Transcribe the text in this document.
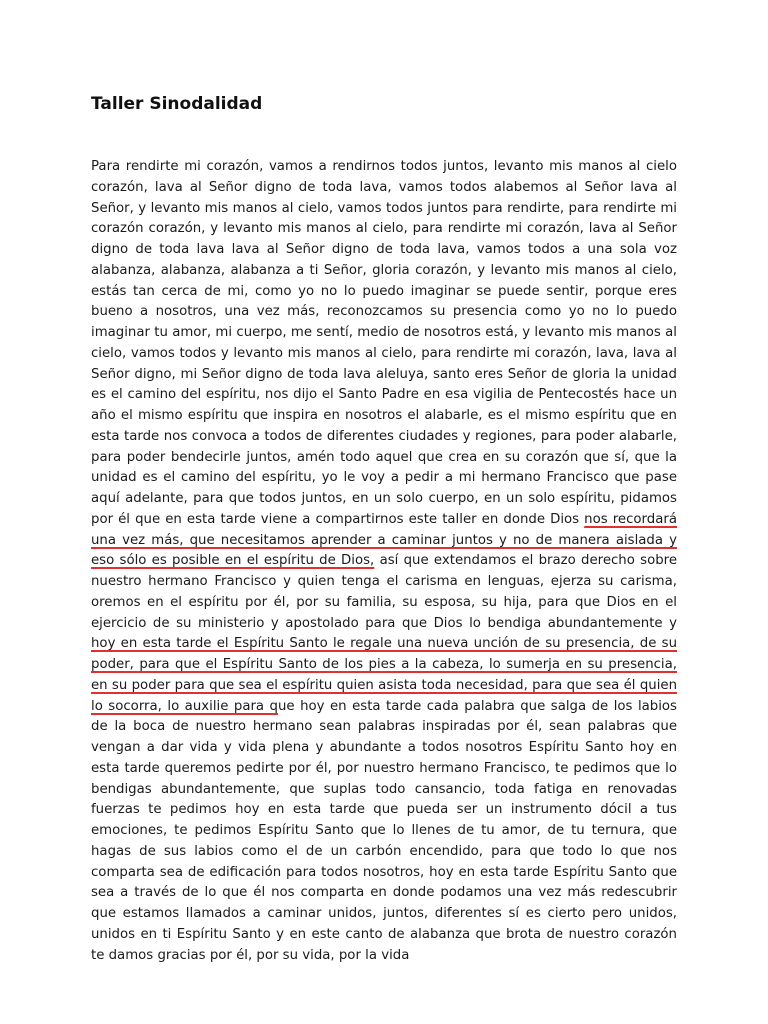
Taller Sinodalidad

Para rendirte mi corazón, vamos a rendirnos todos juntos, levanto mis manos al cielo corazón, lava al Señor digno de toda lava, vamos todos alabemos al Señor lava al Señor, y levanto mis manos al cielo, vamos todos juntos para rendirte, para rendirte mi corazón corazón, y levanto mis manos al cielo, para rendirte mi corazón, lava al Señor digno de toda lava lava al Señor digno de toda lava, vamos todos a una sola voz alabanza, alabanza, alabanza a ti Señor, gloria corazón, y levanto mis manos al cielo, estás tan cerca de mi, como yo no lo puedo imaginar se puede sentir, porque eres bueno a nosotros, una vez más, reconozcamos su presencia como yo no lo puedo imaginar tu amor, mi cuerpo, me sentí, medio de nosotros está, y levanto mis manos al cielo, vamos todos y levanto mis manos al cielo, para rendirte mi corazón, lava, lava al Señor digno, mi Señor digno de toda lava aleluya, santo eres Señor de gloria la unidad es el camino del espíritu, nos dijo el Santo Padre en esa vigilia de Pentecostés hace un año el mismo espíritu que inspira en nosotros el alabarle, es el mismo espíritu que en esta tarde nos convoca a todos de diferentes ciudades y regiones, para poder alabarle, para poder bendecirle juntos, amén todo aquel que crea en su corazón que sí, que la unidad es el camino del espíritu, yo le voy a pedir a mi hermano Francisco que pase aquí adelante, para que todos juntos, en un solo cuerpo, en un solo espíritu, pidamos por él que en esta tarde viene a compartirnos este taller en donde Dios nos recordará una vez más, que necesitamos aprender a caminar juntos y no de manera aislada y eso sólo es posible en el espíritu de Dios, así que extendamos el brazo derecho sobre nuestro hermano Francisco y quien tenga el carisma en lenguas, ejerza su carisma, oremos en el espíritu por él, por su familia, su esposa, su hija, para que Dios en el ejercicio de su ministerio y apostolado para que Dios lo bendiga abundantemente y hoy en esta tarde el Espíritu Santo le regale una nueva unción de su presencia, de su poder, para que el Espíritu Santo de los pies a la cabeza, lo sumerja en su presencia, en su poder para que sea el espíritu quien asista toda necesidad, para que sea él quien lo socorra, lo auxilie para que hoy en esta tarde cada palabra que salga de los labios de la boca de nuestro hermano sean palabras inspiradas por él, sean palabras que vengan a dar vida y vida plena y abundante a todos nosotros Espíritu Santo hoy en esta tarde queremos pedirte por él, por nuestro hermano Francisco, te pedimos que lo bendigas abundantemente, que suplas todo cansancio, toda fatiga en renovadas fuerzas te pedimos hoy en esta tarde que pueda ser un instrumento dócil a tus emociones, te pedimos Espíritu Santo que lo llenes de tu amor, de tu ternura, que hagas de sus labios como el de un carbón encendido, para que todo lo que nos comparta sea de edificación para todos nosotros, hoy en esta tarde Espíritu Santo que sea a través de lo que él nos comparta en donde podamos una vez más redescubrir que estamos llamados a caminar unidos, juntos, diferentes sí es cierto pero unidos, unidos en ti Espíritu Santo y en este canto de alabanza que brota de nuestro corazón te damos gracias por él, por su vida, por la vida
